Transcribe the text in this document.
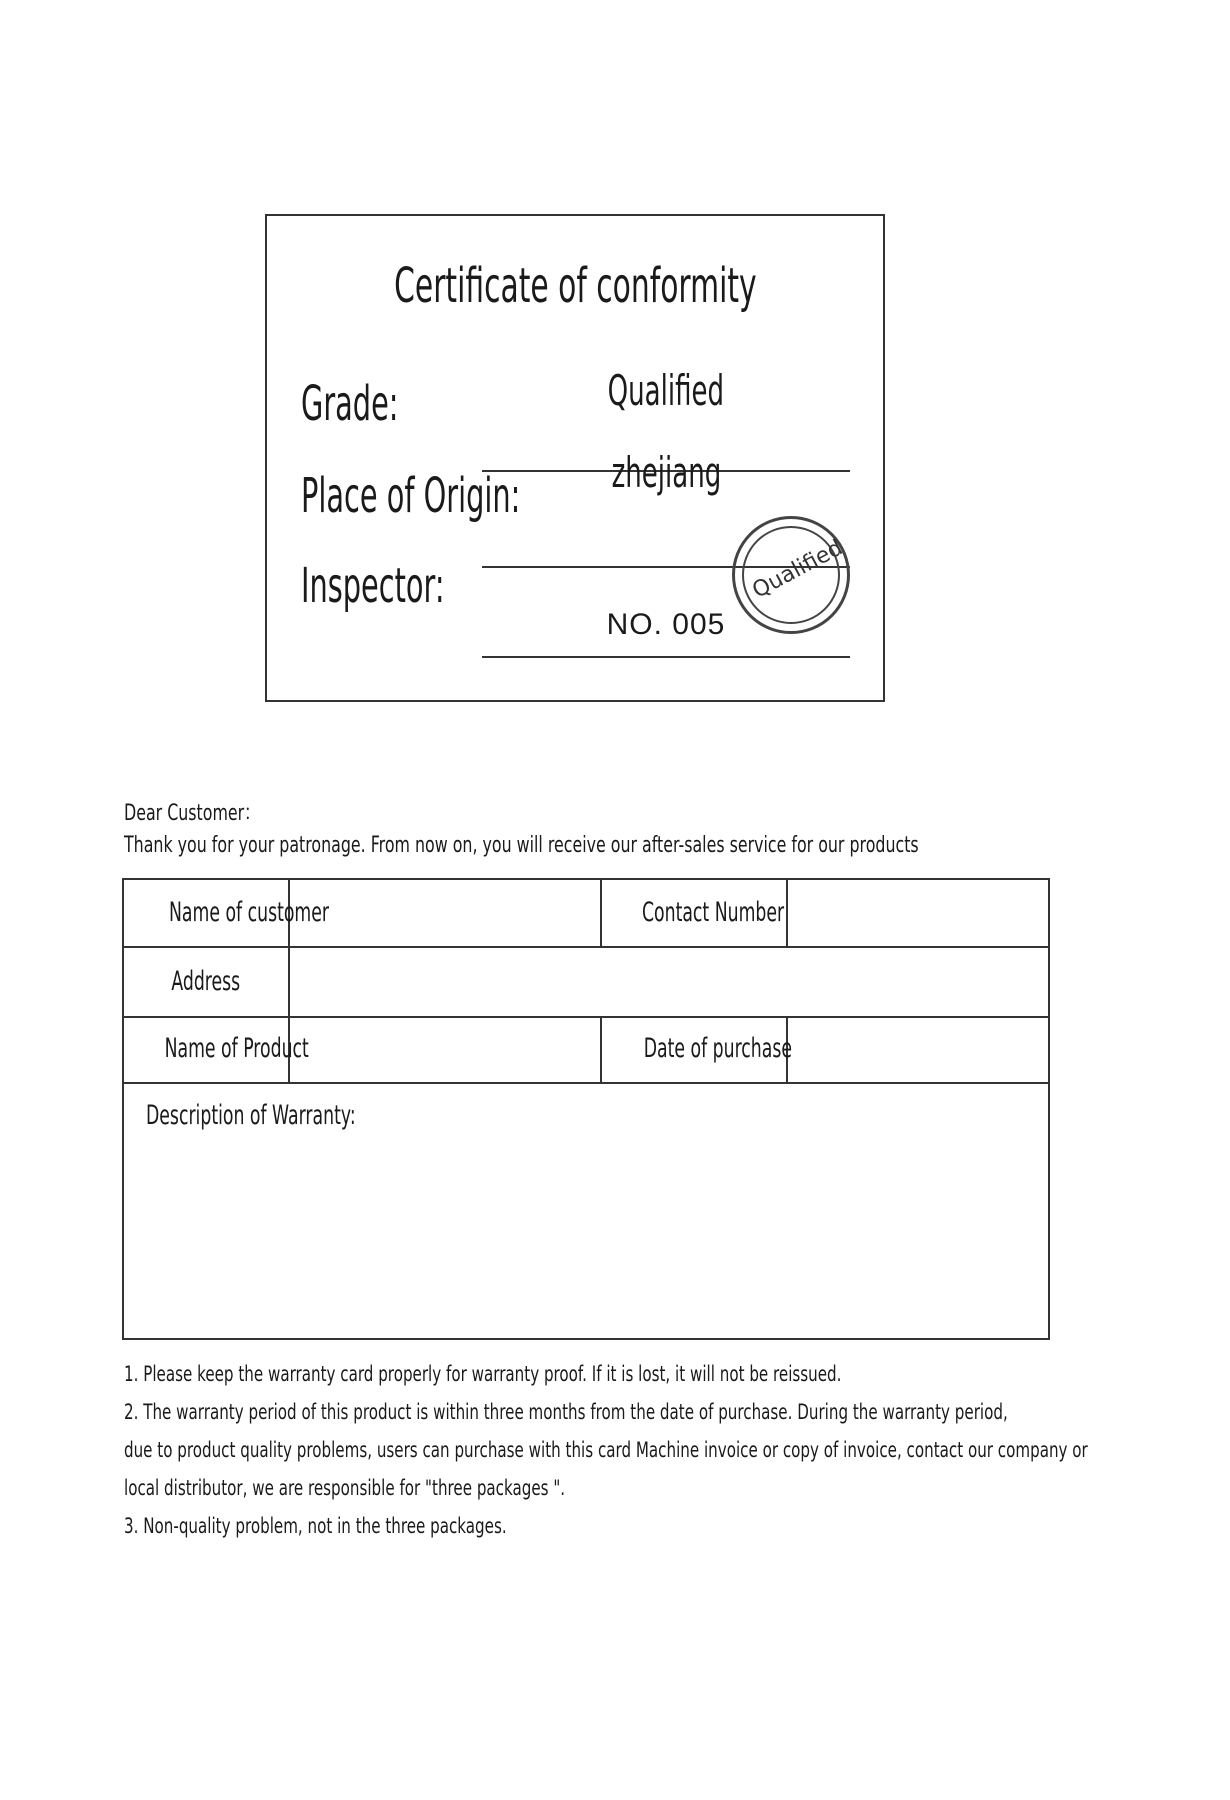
Certificate of conformity
Grade:	Qualified
Place of Origin:	zhejiang
Inspector:
NO. 005
Qualified
Dear Customer：
Thank you for your patronage. From now on, you will receive our after-sales service for our products
Name of customer	Contact Number
Address
Name of Product	Date of purchase
Description of Warranty:
1. Please keep the warranty card properly for warranty proof. If it is lost, it will not be reissued.
2. The warranty period of this product is within three months from the date of purchase. During the warranty period,
due to product quality problems, users can purchase with this card Machine invoice or copy of invoice, contact our company or
local distributor, we are responsible for "three packages ".
3. Non-quality problem, not in the three packages.
